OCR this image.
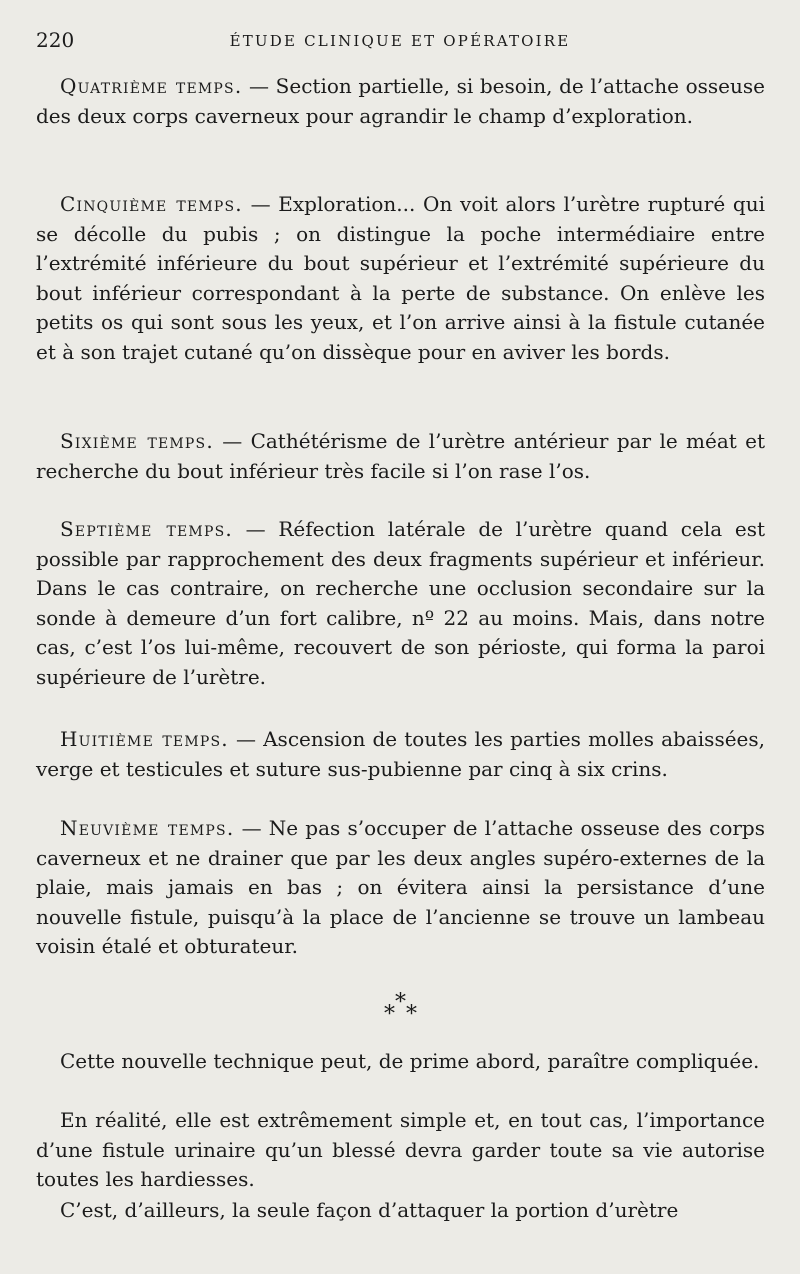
220	ÉTUDE CLINIQUE ET OPÉRATOIRE

Quatrième temps. — Section partielle, si besoin, de l’attache osseuse des deux corps caverneux pour agrandir le champ d’exploration.

Cinquième temps. — Exploration... On voit alors l’urètre rupturé qui se décolle du pubis ; on distingue la poche intermédiaire entre l’extrémité inférieure du bout supérieur et l’extrémité supérieure du bout inférieur correspondant à la perte de substance. On enlève les petits os qui sont sous les yeux, et l’on arrive ainsi à la fistule cutanée et à son trajet cutané qu’on dissèque pour en aviver les bords.

Sixième temps. — Cathétérisme de l’urètre antérieur par le méat et recherche du bout inférieur très facile si l’on rase l’os.

Septième temps. — Réfection latérale de l’urètre quand cela est possible par rapprochement des deux fragments supérieur et inférieur. Dans le cas contraire, on recherche une occlusion secondaire sur la sonde à demeure d’un fort calibre, nº 22 au moins. Mais, dans notre cas, c’est l’os lui-même, recouvert de son périoste, qui forma la paroi supérieure de l’urètre.

Huitième temps. — Ascension de toutes les parties molles abaissées, verge et testicules et suture sus-pubienne par cinq à six crins.

Neuvième temps. — Ne pas s’occuper de l’attache osseuse des corps caverneux et ne drainer que par les deux angles supéro-externes de la plaie, mais jamais en bas ; on évitera ainsi la persistance d’une nouvelle fistule, puisqu’à la place de l’ancienne se trouve un lambeau voisin étalé et obturateur.

*
* *

Cette nouvelle technique peut, de prime abord, paraître compliquée.

En réalité, elle est extrêmement simple et, en tout cas, l’importance d’une fistule urinaire qu’un blessé devra garder toute sa vie autorise toutes les hardiesses.

C’est, d’ailleurs, la seule façon d’attaquer la portion d’urètre
